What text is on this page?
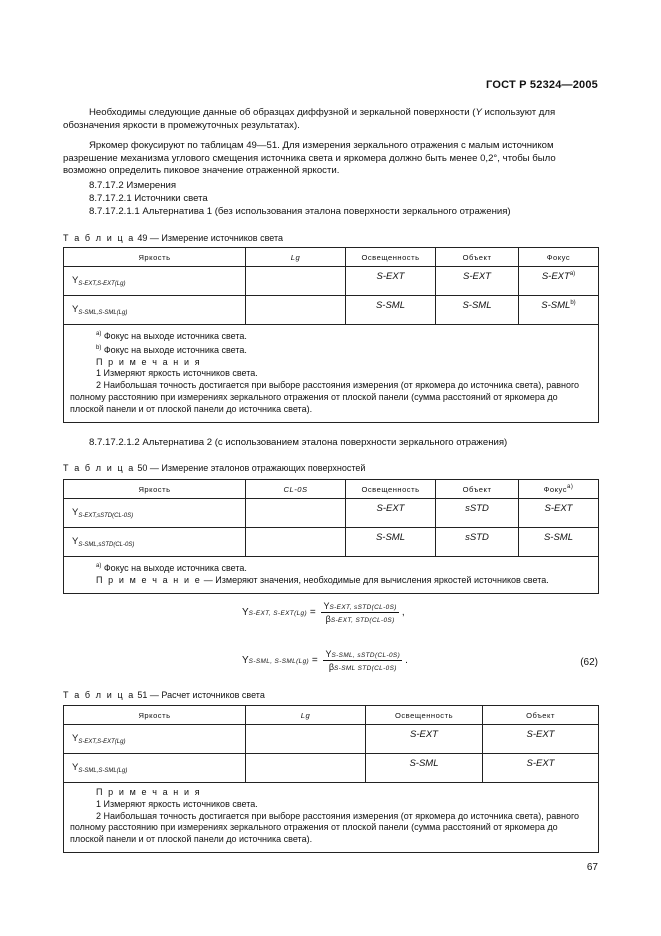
ГОСТ Р 52324—2005
Необходимы следующие данные об образцах диффузной и зеркальной поверхности (Y используют для обозначения яркости в промежуточных результатах).
Яркомер фокусируют по таблицам 49—51. Для измерения зеркального отражения с малым источником разрешение механизма углового смещения источника света и яркомера должно быть менее 0,2°, чтобы было возможно определить пиковое значение отраженной яркости.
8.7.17.2 Измерения
8.7.17.2.1 Источники света
8.7.17.2.1.1 Альтернатива 1 (без использования эталона поверхности зеркального отражения)
Т а б л и ц а 49 — Измерение источников света
Яркость	Lg	Освещенность	Объект	Фокус
$Y_{S-EXT,S-EXT(Lg)}$		S-EXT	S-EXT	S-EXT$^{a)}$
$Y_{S-SML,S-SML(Lg)}$		S-SML	S-SML	S-SML$^{b)}$

$^{a)}$ Фокус на выходе источника света.
$^{b)}$ Фокус на выходе источника света.
П р и м е ч а н и я
1 Измеряют яркость источников света.
2 Наибольшая точность достигается при выборе расстояния измерения (от яркомера до источника света), равного полному расстоянию при измерениях зеркального отражения от плоской панели (сумма расстояний от яркомера до плоской панели и от плоской панели до источника света).				
8.7.17.2.1.2 Альтернатива 2 (с использованием эталона поверхности зеркального отражения)
Т а б л и ц а 50 — Измерение эталонов отражающих поверхностей
Яркость	CL-0S	Освещенность	Объект	Фокус$^{a)}$
$Y_{S-EXT,sSTD(CL-0S)}$		S-EXT	sSTD	S-EXT
$Y_{S-SML,sSTD(CL-0S)}$		S-SML	sSTD	S-SML

$^{a)}$ Фокус на выходе источника света.
П р и м е ч а н и е — Измеряют значения, необходимые для вычисления яркостей источников света.				
YS-EXT, $S-EXT(Lg) = \frac{\text{YS-EXT, sSTD(CL-0S)}}{\text{βS-EXT, STD(CL-0S)}}$ ,
(62)
YS-SML, $S-SML(Lg) = \frac{\text{YS-SML, sSTD(CL-0S)}}{\text{βS-SML STD(CL-0S)}}$ .
Т а б л и ц а 51 — Расчет источников света
Яркость	Lg	Освещенность	Объект
$Y_{S-EXT,S-EXT(Lg)}$		S-EXT	S-EXT
$Y_{S-SML,S-SML(Lg)}$		S-SML	S-EXT

П р и м е ч а н и я
1 Измеряют яркость источников света.
2 Наибольшая точность достигается при выборе расстояния измерения (от яркомера до источника света), равного полному расстоянию при измерениях зеркального отражения от плоской панели (сумма расстояний от яркомера до плоской панели и от плоской панели до источника света).			
67
